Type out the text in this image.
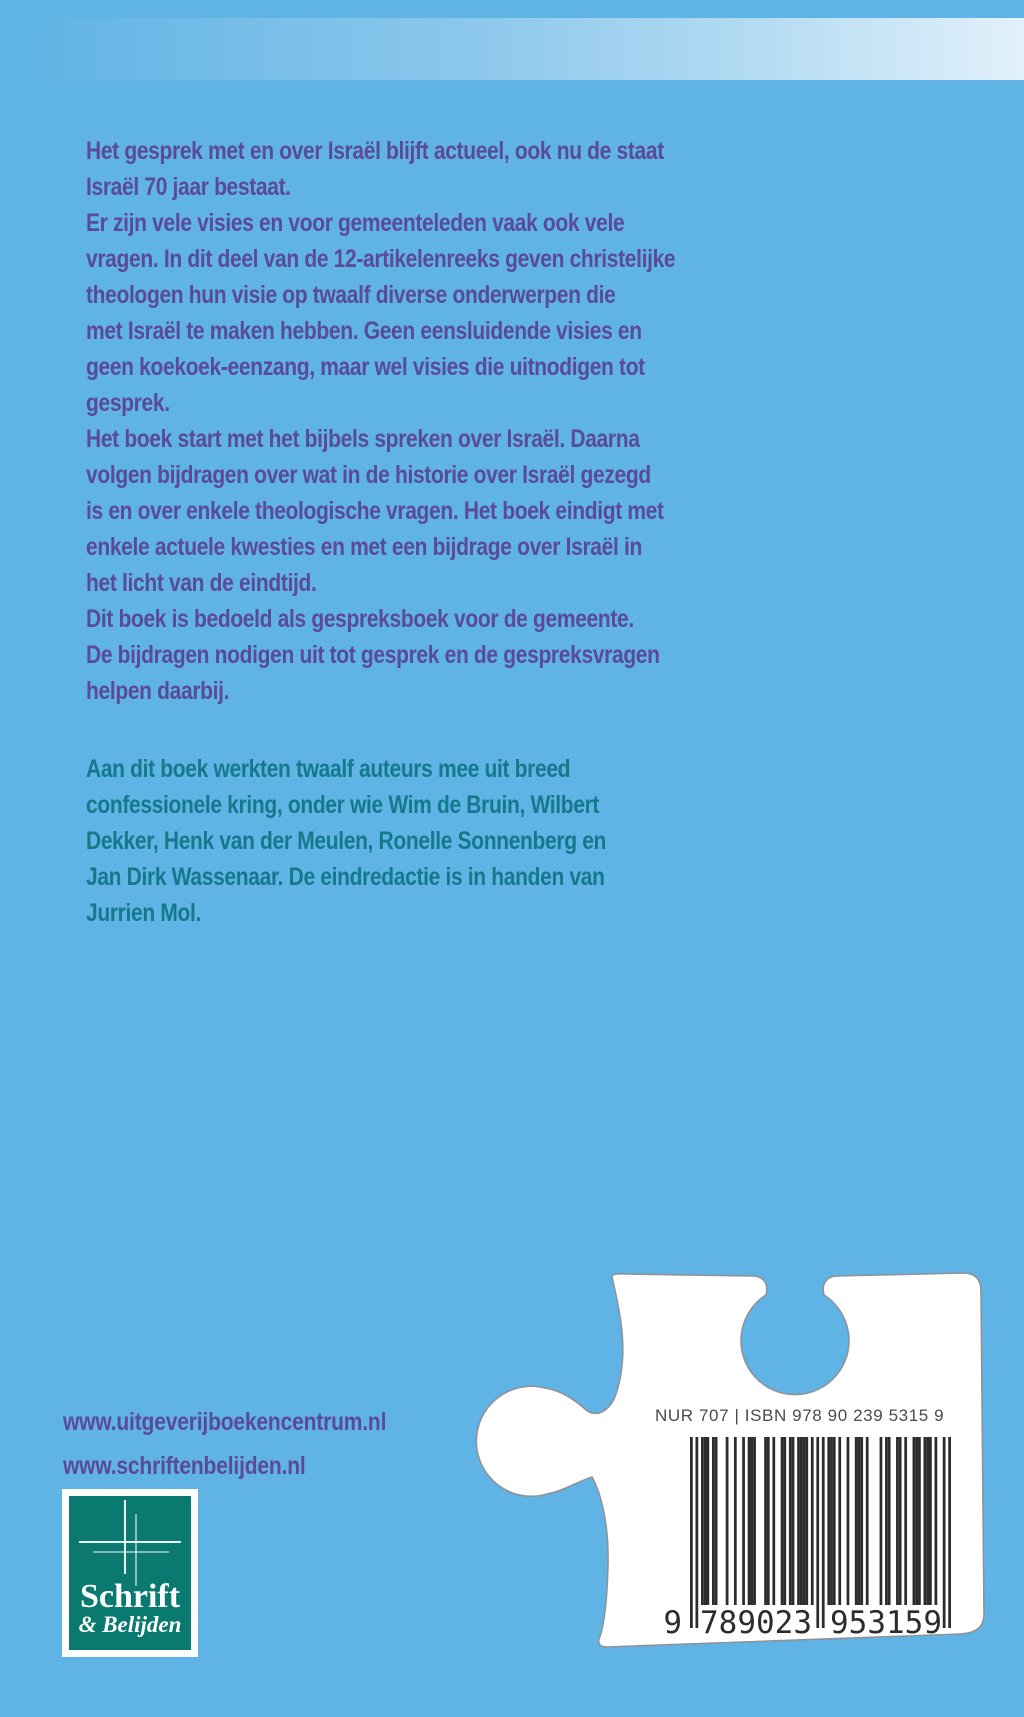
Het gesprek met en over Israël blijft actueel, ook nu de staat
Israël 70 jaar bestaat.
Er zijn vele visies en voor gemeenteleden vaak ook vele
vragen. In dit deel van de 12-artikelenreeks geven christelijke
theologen hun visie op twaalf diverse onderwerpen die
met Israël te maken hebben. Geen eensluidende visies en
geen koekoek-eenzang, maar wel visies die uitnodigen tot
gesprek.
Het boek start met het bijbels spreken over Israël. Daarna
volgen bijdragen over wat in de historie over Israël gezegd
is en over enkele theologische vragen. Het boek eindigt met
enkele actuele kwesties en met een bijdrage over Israël in
het licht van de eindtijd.
Dit boek is bedoeld als gespreksboek voor de gemeente.
De bijdragen nodigen uit tot gesprek en de gespreksvragen
helpen daarbij.
Aan dit boek werkten twaalf auteurs mee uit breed
confessionele kring, onder wie Wim de Bruin, Wilbert
Dekker, Henk van der Meulen, Ronelle Sonnenberg en
Jan Dirk Wassenaar. De eindredactie is in handen van
Jurrien Mol.
www.uitgeverijboekencentrum.nl
www.schriftenbelijden.nl
NUR 707 | ISBN 978 90 239 5315 9
9 789023 953159
Schrift
& Belijden
